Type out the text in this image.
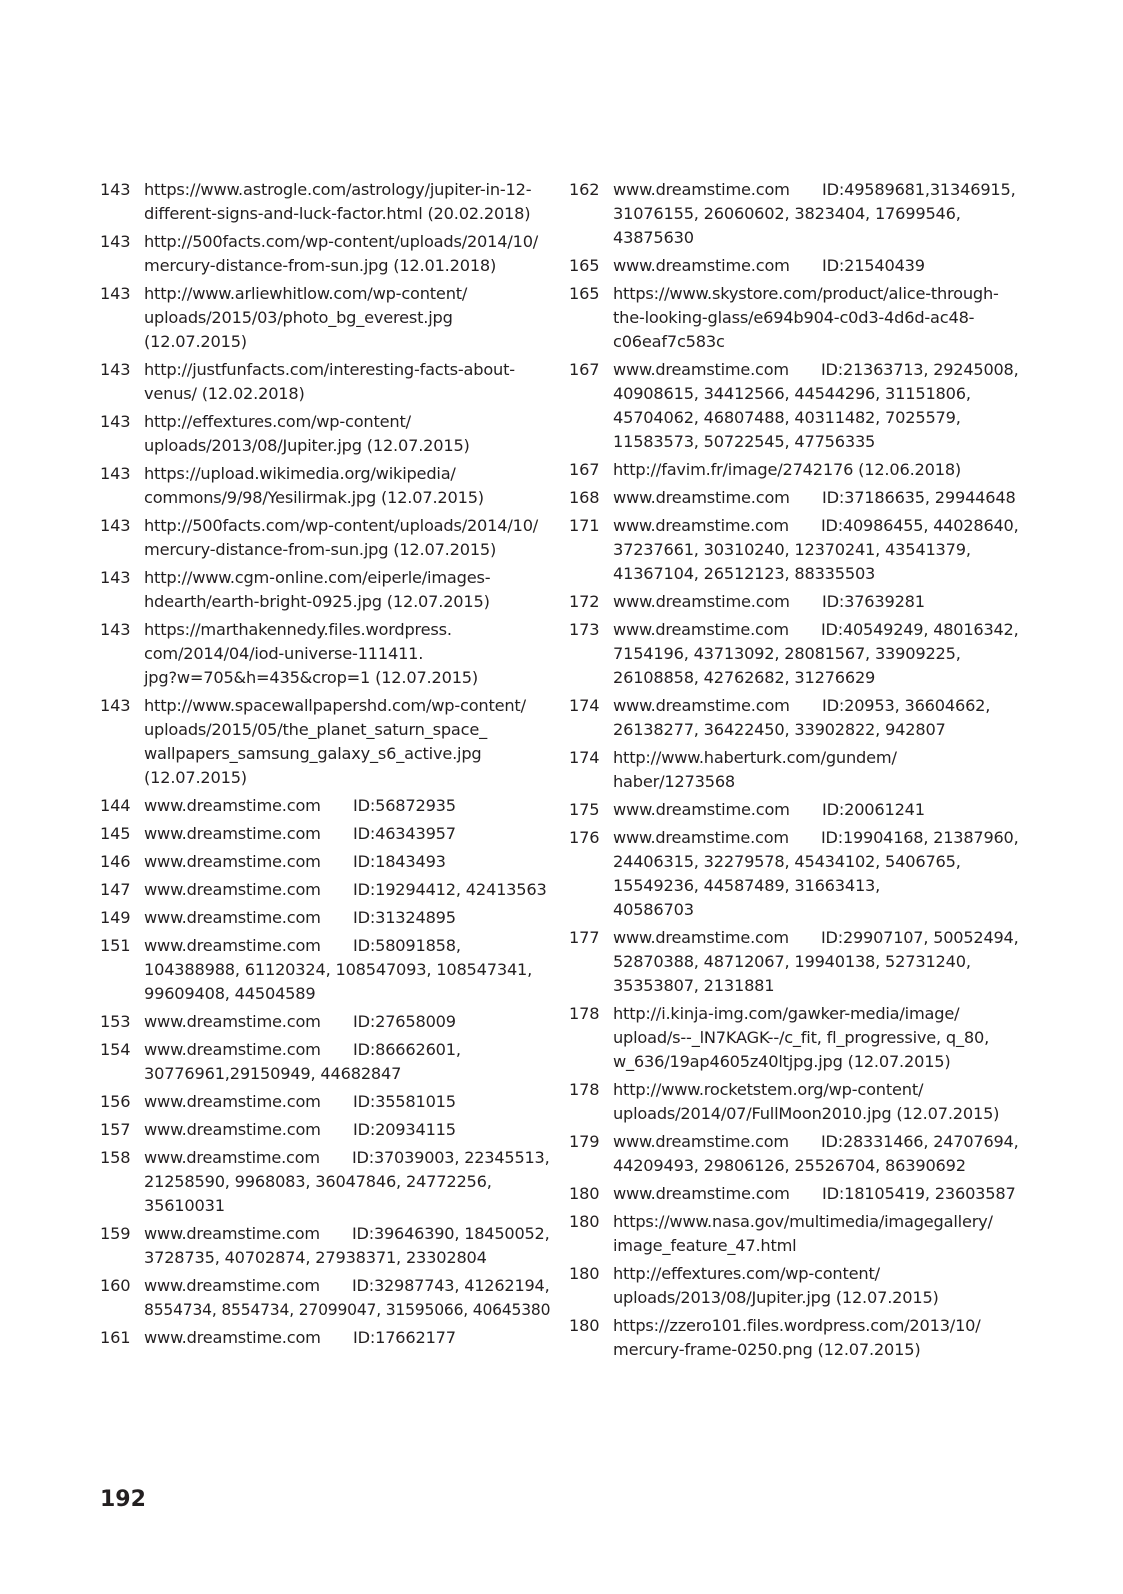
143 https://www.astrogle.com/astrology/jupiter-in-12-
different-signs-and-luck-factor.html (20.02.2018)
143 http://500facts.com/wp-content/uploads/2014/10/
mercury-distance-from-sun.jpg (12.01.2018)
143 http://www.arliewhitlow.com/wp-content/
uploads/2015/03/photo_bg_everest.jpg
(12.07.2015)
143 http://justfunfacts.com/interesting-facts-about-
venus/ (12.02.2018)
143 http://effextures.com/wp-content/
uploads/2013/08/Jupiter.jpg (12.07.2015)
143 https://upload.wikimedia.org/wikipedia/
commons/9/98/Yesilirmak.jpg (12.07.2015)
143 http://500facts.com/wp-content/uploads/2014/10/
mercury-distance-from-sun.jpg (12.07.2015)
143 http://www.cgm-online.com/eiperle/images-
hdearth/earth-bright-0925.jpg (12.07.2015)
143 https://marthakennedy.files.wordpress.
com/2014/04/iod-universe-111411.
jpg?w=705&h=435&crop=1 (12.07.2015)
143 http://www.spacewallpapershd.com/wp-content/
uploads/2015/05/the_planet_saturn_space_
wallpapers_samsung_galaxy_s6_active.jpg
(12.07.2015)
144 www.dreamstime.com ID:56872935
145 www.dreamstime.com ID:46343957
146 www.dreamstime.com ID:1843493
147 www.dreamstime.com ID:19294412, 42413563
149 www.dreamstime.com ID:31324895
151 www.dreamstime.com ID:58091858,
104388988, 61120324, 108547093, 108547341,
99609408, 44504589
153 www.dreamstime.com ID:27658009
154 www.dreamstime.com ID:86662601,
30776961,29150949, 44682847
156 www.dreamstime.com ID:35581015
157 www.dreamstime.com ID:20934115
158 www.dreamstime.com ID:37039003, 22345513,
21258590, 9968083, 36047846, 24772256,
35610031
159 www.dreamstime.com ID:39646390, 18450052,
3728735, 40702874, 27938371, 23302804
160 www.dreamstime.com ID:32987743, 41262194,
8554734, 8554734, 27099047, 31595066, 40645380
161 www.dreamstime.com ID:17662177
162 www.dreamstime.com ID:49589681,31346915,
31076155, 26060602, 3823404, 17699546,
43875630
165 www.dreamstime.com ID:21540439
165 https://www.skystore.com/product/alice-through-
the-looking-glass/e694b904-c0d3-4d6d-ac48-
c06eaf7c583c
167 www.dreamstime.com ID:21363713, 29245008,
40908615, 34412566, 44544296, 31151806,
45704062, 46807488, 40311482, 7025579,
11583573, 50722545, 47756335
167 http://favim.fr/image/2742176 (12.06.2018)
168 www.dreamstime.com ID:37186635, 29944648
171 www.dreamstime.com ID:40986455, 44028640,
37237661, 30310240, 12370241, 43541379,
41367104, 26512123, 88335503
172 www.dreamstime.com ID:37639281
173 www.dreamstime.com ID:40549249, 48016342,
7154196, 43713092, 28081567, 33909225,
26108858, 42762682, 31276629
174 www.dreamstime.com ID:20953, 36604662,
26138277, 36422450, 33902822, 942807
174 http://www.haberturk.com/gundem/
haber/1273568
175 www.dreamstime.com ID:20061241
176 www.dreamstime.com ID:19904168, 21387960,
24406315, 32279578, 45434102, 5406765,
15549236, 44587489, 31663413,
40586703
177 www.dreamstime.com ID:29907107, 50052494,
52870388, 48712067, 19940138, 52731240,
35353807, 2131881
178 http://i.kinja-img.com/gawker-media/image/
upload/s--_lN7KAGK--/c_fit, fl_progressive, q_80,
w_636/19ap4605z40ltjpg.jpg (12.07.2015)
178 http://www.rocketstem.org/wp-content/
uploads/2014/07/FullMoon2010.jpg (12.07.2015)
179 www.dreamstime.com ID:28331466, 24707694,
44209493, 29806126, 25526704, 86390692
180 www.dreamstime.com ID:18105419, 23603587
180 https://www.nasa.gov/multimedia/imagegallery/
image_feature_47.html
180 http://effextures.com/wp-content/
uploads/2013/08/Jupiter.jpg (12.07.2015)
180 https://zzero101.files.wordpress.com/2013/10/
mercury-frame-0250.png (12.07.2015)
192
